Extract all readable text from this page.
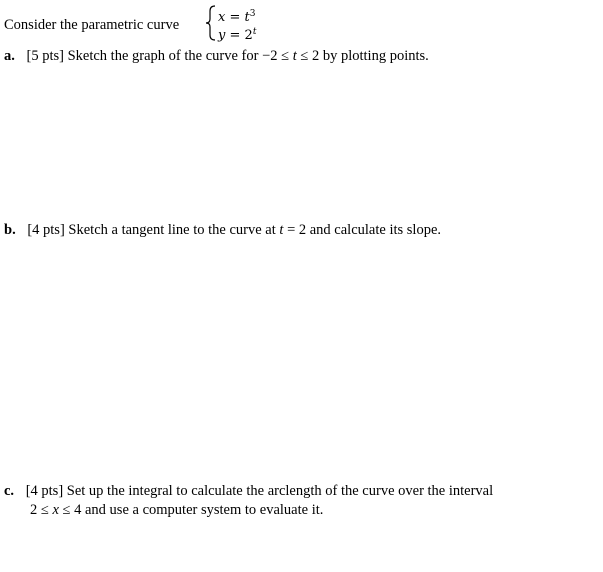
Consider the parametric curve	$x = t^3$
$y = 2^t$
a. [5 pts] Sketch the graph of the curve for −2 ≤ t ≤ 2 by plotting points.
b. [4 pts] Sketch a tangent line to the curve at t = 2 and calculate its slope.
c. [4 pts] Set up the integral to calculate the arclength of the curve over the interval
2 ≤ x ≤ 4 and use a computer system to evaluate it.
